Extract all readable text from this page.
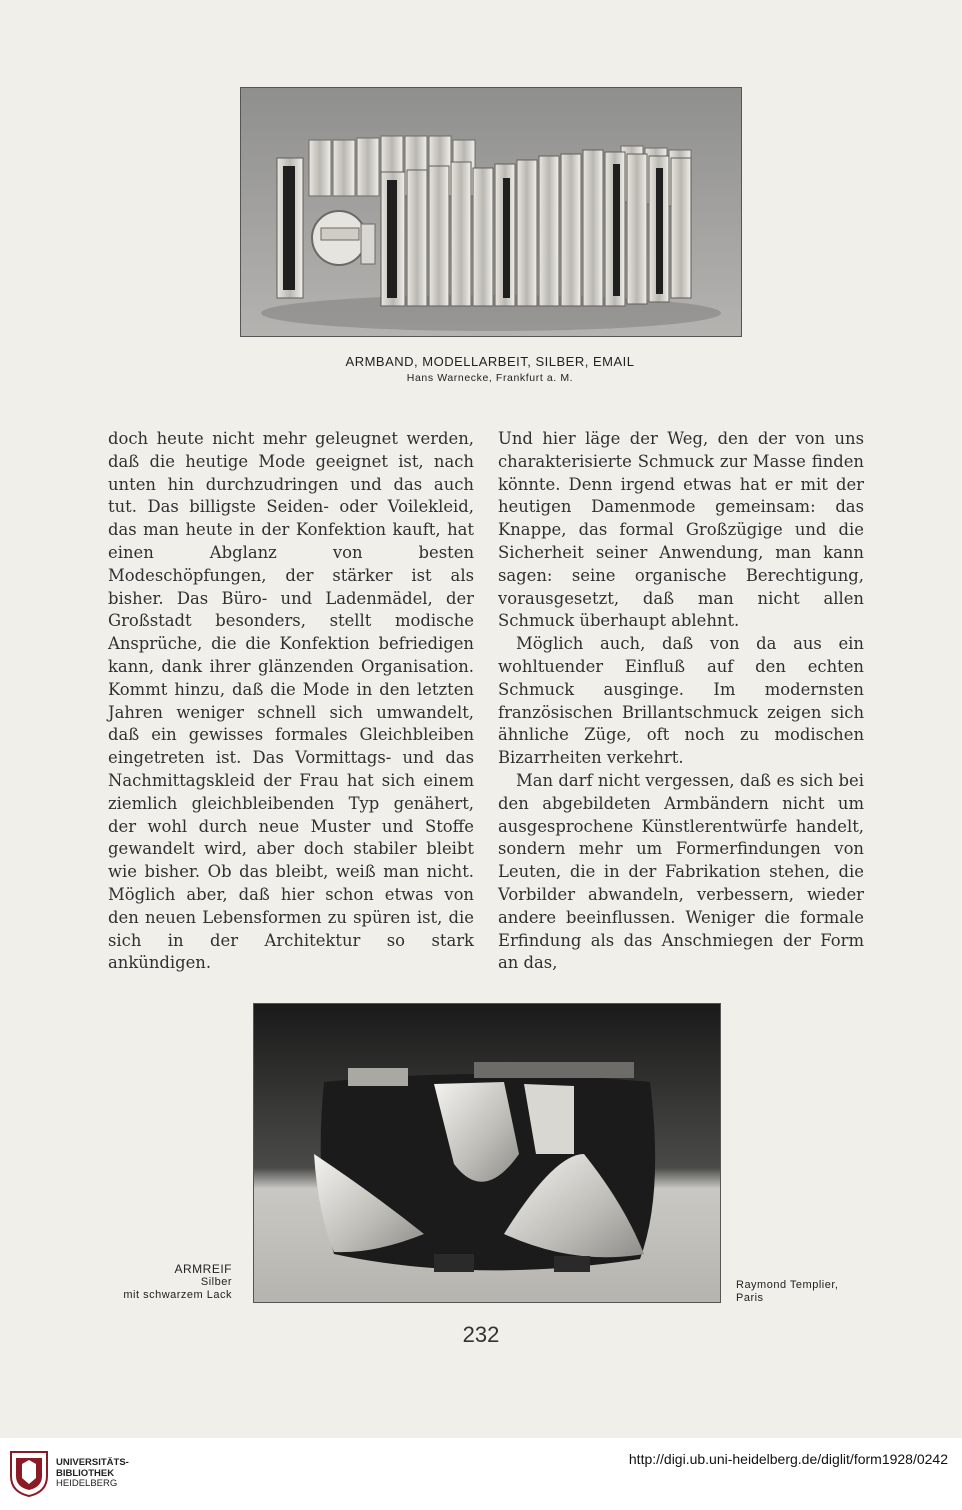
ARMBAND, MODELLARBEIT, SILBER, EMAIL
Hans Warnecke, Frankfurt a. M.

doch heute nicht mehr geleugnet werden, daß die heutige Mode geeignet ist, nach unten hin durchzudringen und das auch tut. Das billigste Seiden- oder Voilekleid, das man heute in der Konfektion kauft, hat einen Abglanz von besten Modeschöpfungen, der stärker ist als bisher. Das Büro- und Ladenmädel, der Großstadt besonders, stellt modische Ansprüche, die die Konfektion befriedigen kann, dank ihrer glänzenden Organisation. Kommt hinzu, daß die Mode in den letzten Jahren weniger schnell sich umwandelt, daß ein gewisses formales Gleichbleiben eingetreten ist. Das Vormittags- und das Nachmittagskleid der Frau hat sich einem ziemlich gleichbleibenden Typ genähert, der wohl durch neue Muster und Stoffe gewandelt wird, aber doch stabiler bleibt wie bisher. Ob das bleibt, weiß man nicht. Möglich aber, daß hier schon etwas von den neuen Lebensformen zu spüren ist, die sich in der Architektur so stark ankündigen.

Und hier läge der Weg, den der von uns charakterisierte Schmuck zur Masse finden könnte. Denn irgend etwas hat er mit der heutigen Damenmode gemeinsam: das Knappe, das formal Großzügige und die Sicherheit seiner Anwendung, man kann sagen: seine organische Berechtigung, vorausgesetzt, daß man nicht allen Schmuck überhaupt ablehnt.

Möglich auch, daß von da aus ein wohltuender Einfluß auf den echten Schmuck ausginge. Im modernsten französischen Brillantschmuck zeigen sich ähnliche Züge, oft noch zu modischen Bizarrheiten verkehrt.

Man darf nicht vergessen, daß es sich bei den abgebildeten Armbändern nicht um ausgesprochene Künstlerentwürfe handelt, sondern mehr um Formerfindungen von Leuten, die in der Fabrikation stehen, die Vorbilder abwandeln, verbessern, wieder andere beeinflussen. Weniger die formale Erfindung als das Anschmiegen der Form an das,

ARMREIF
Silber
mit schwarzem Lack
Raymond Templier,
Paris
232
UNIVERSITÄTS-
BIBLIOTHEK
HEIDELBERG
http://digi.ub.uni-heidelberg.de/diglit/form1928/0242
